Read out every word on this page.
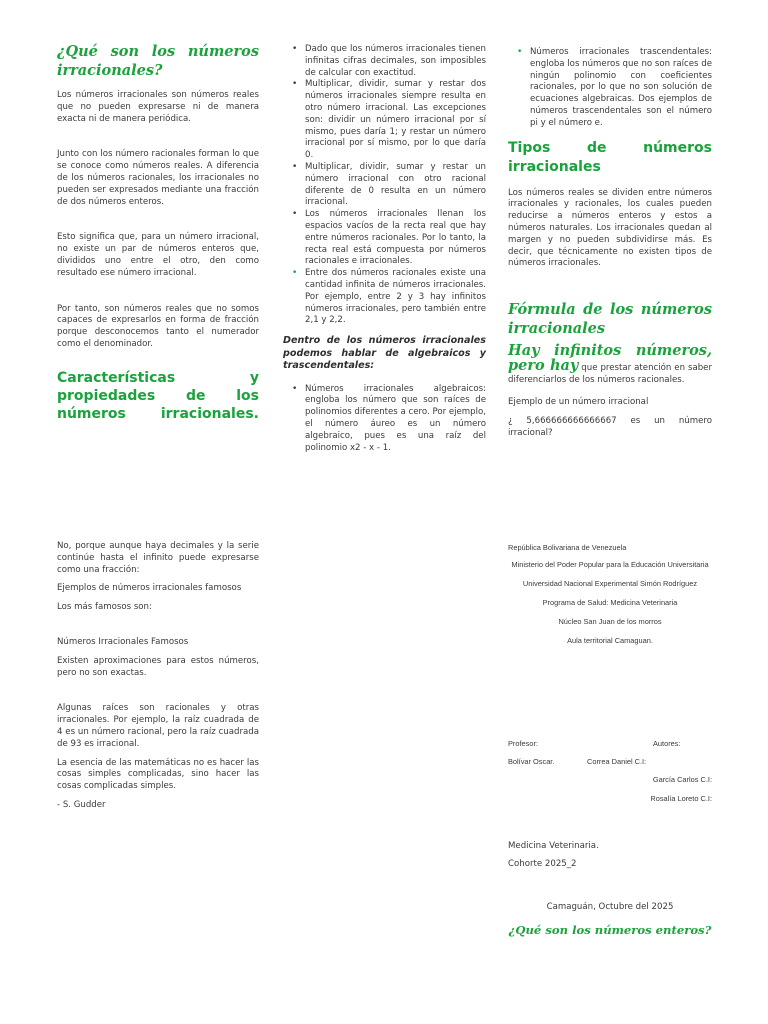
¿Qué son los números irracionales?

Los números irracionales son números reales que no pueden expresarse ni de manera exacta ni de manera periódica.

Junto con los número racionales forman lo que se conoce como números reales. A diferencia de los números racionales, los irracionales no pueden ser expresados mediante una fracción de dos números enteros.

Esto significa que, para un número irracional, no existe un par de números enteros que, divididos uno entre el otro, den como resultado ese número irracional.

Por tanto, son números reales que no somos capaces de expresarlos en forma de fracción porque desconocemos tanto el numerador como el denominador.

Características y propiedades de los números irracionales.

• Dado que los números irracionales tienen infinitas cifras decimales, son imposibles de calcular con exactitud.
• Multiplicar, dividir, sumar y restar dos números irracionales siempre resulta en otro número irracional. Las excepciones son: dividir un número irracional por sí mismo, pues daría 1; y restar un número irracional por sí mismo, por lo que daría 0.
• Multiplicar, dividir, sumar y restar un número irracional con otro racional diferente de 0 resulta en un número irracional.
• Los números irracionales llenan los espacios vacíos de la recta real que hay entre números racionales. Por lo tanto, la recta real está compuesta por números racionales e irracionales.
• Entre dos números racionales existe una cantidad infinita de números irracionales. Por ejemplo, entre 2 y 3 hay infinitos números irracionales, pero también entre 2,1 y 2,2.

Dentro de los números irracionales podemos hablar de algebraicos y trascendentales:

• Números irracionales algebraicos: engloba los número que son raíces de polinomios diferentes a cero. Por ejemplo, el número áureo es un número algebraico, pues es una raíz del polinomio x2 - x - 1.
• Números irracionales trascendentales: engloba los números que no son raíces de ningún polinomio con coeficientes racionales, por lo que no son solución de ecuaciones algebraicas. Dos ejemplos de números trascendentales son el número pi y el número e.

Tipos de números irracionales

Los números reales se dividen entre números irracionales y racionales, los cuales pueden reducirse a números enteros y estos a números naturales. Los irracionales quedan al margen y no pueden subdividirse más. Es decir, que técnicamente no existen tipos de números irracionales.

Fórmula de los números irracionales

Hay infinitos números, pero hay que prestar atención en saber diferenciarlos de los números racionales.

Ejemplo de un número irracional

¿ 5,666666666666667 es un número irracional?

No, porque aunque haya decimales y la serie continúe hasta el infinito puede expresarse como una fracción:

Ejemplos de números irracionales famosos

Los más famosos son:

Números Irracionales Famosos

Existen aproximaciones para estos números, pero no son exactas.

Algunas raíces son racionales y otras irracionales. Por ejemplo, la raíz cuadrada de 4 es un número racional, pero la raíz cuadrada de 93 es irracional.

La esencia de las matemáticas no es hacer las cosas simples complicadas, sino hacer las cosas complicadas simples.

- S. Gudder

República Bolivariana de Venezuela

Ministerio del Poder Popular para la Educación Universitaria

Universidad Nacional Experimental Simón Rodríguez

Programa de Salud: Medicina Veterinaria

Núcleo San Juan de los morros

Aula territorial Camaguan.

Profesor:	Autores:
Bolívar Oscar.	Correa Daniel C.I:
García Carlos C.I:
Rosalía Loreto C.I:
Medicina Veterinaria.
Cohorte 2025_2
Camaguán, Octubre del 2025
¿Qué son los números enteros?
